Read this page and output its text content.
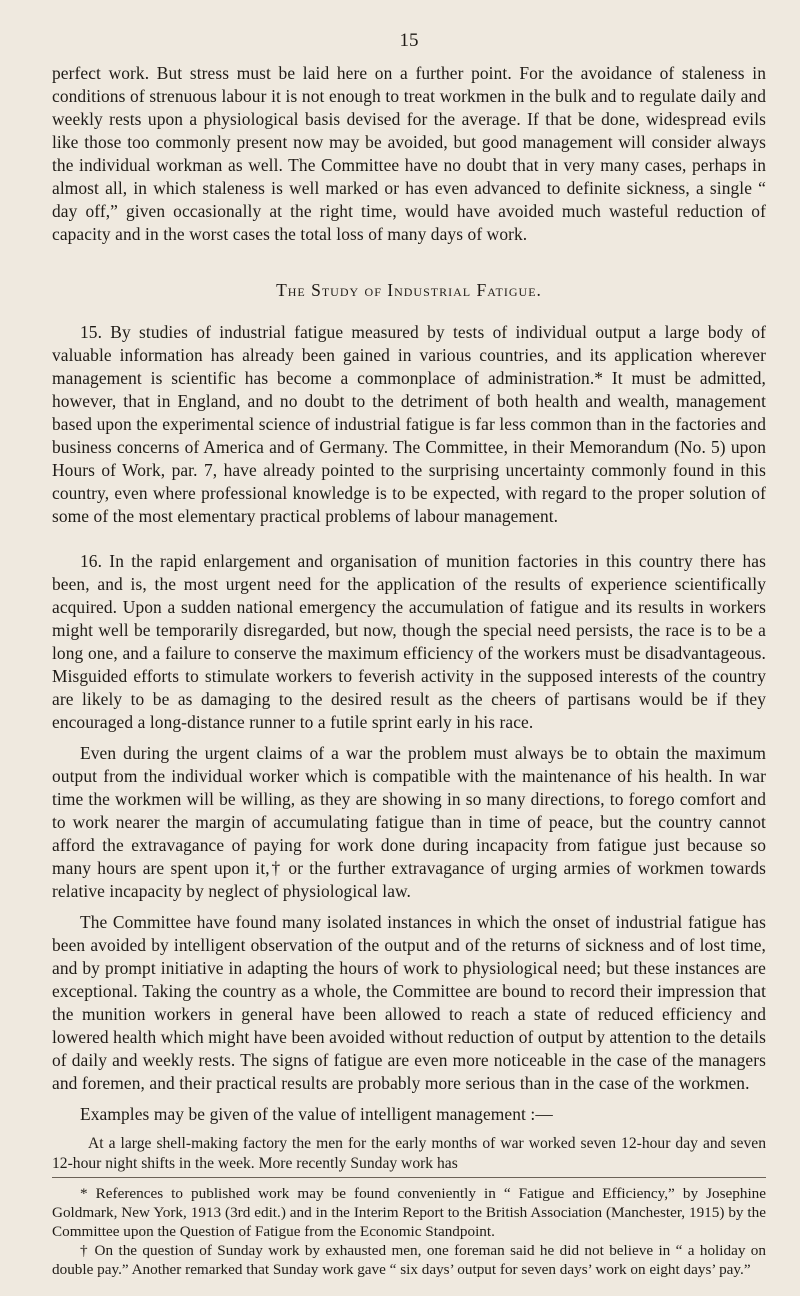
15

perfect work. But stress must be laid here on a further point. For the avoidance of staleness in conditions of strenuous labour it is not enough to treat workmen in the bulk and to regulate daily and weekly rests upon a physiological basis devised for the average. If that be done, widespread evils like those too commonly present now may be avoided, but good management will consider always the individual workman as well. The Committee have no doubt that in very many cases, perhaps in almost all, in which staleness is well marked or has even advanced to definite sickness, a single “ day off,” given occasionally at the right time, would have avoided much wasteful reduction of capacity and in the worst cases the total loss of many days of work.

The Study of Industrial Fatigue.

15. By studies of industrial fatigue measured by tests of individual output a large body of valuable information has already been gained in various countries, and its application wherever management is scientific has become a commonplace of administration.* It must be admitted, however, that in England, and no doubt to the detriment of both health and wealth, management based upon the experimental science of industrial fatigue is far less common than in the factories and business concerns of America and of Germany. The Committee, in their Memorandum (No. 5) upon Hours of Work, par. 7, have already pointed to the surprising uncertainty commonly found in this country, even where professional knowledge is to be expected, with regard to the proper solution of some of the most elementary practical problems of labour management.

16. In the rapid enlargement and organisation of munition factories in this country there has been, and is, the most urgent need for the application of the results of experience scientifically acquired. Upon a sudden national emergency the accumulation of fatigue and its results in workers might well be temporarily disregarded, but now, though the special need persists, the race is to be a long one, and a failure to conserve the maximum efficiency of the workers must be disadvantageous. Misguided efforts to stimulate workers to feverish activity in the supposed interests of the country are likely to be as damaging to the desired result as the cheers of partisans would be if they encouraged a long-distance runner to a futile sprint early in his race.

Even during the urgent claims of a war the problem must always be to obtain the maximum output from the individual worker which is compatible with the maintenance of his health. In war time the workmen will be willing, as they are showing in so many directions, to forego comfort and to work nearer the margin of accumulating fatigue than in time of peace, but the country cannot afford the extravagance of paying for work done during incapacity from fatigue just because so many hours are spent upon it,† or the further extravagance of urging armies of workmen towards relative incapacity by neglect of physiological law.

The Committee have found many isolated instances in which the onset of industrial fatigue has been avoided by intelligent observation of the output and of the returns of sickness and of lost time, and by prompt initiative in adapting the hours of work to physiological need; but these instances are exceptional. Taking the country as a whole, the Committee are bound to record their impression that the munition workers in general have been allowed to reach a state of reduced efficiency and lowered health which might have been avoided without reduction of output by attention to the details of daily and weekly rests. The signs of fatigue are even more noticeable in the case of the managers and foremen, and their practical results are probably more serious than in the case of the workmen.

Examples may be given of the value of intelligent management :—

At a large shell-making factory the men for the early months of war worked seven 12-hour day and seven 12-hour night shifts in the week. More recently Sunday work has

* References to published work may be found conveniently in “ Fatigue and Efficiency,” by Josephine Goldmark, New York, 1913 (3rd edit.) and in the Interim Report to the British Association (Manchester, 1915) by the Committee upon the Question of Fatigue from the Economic Standpoint.

† On the question of Sunday work by exhausted men, one foreman said he did not believe in “ a holiday on double pay.” Another remarked that Sunday work gave “ six days’ output for seven days’ work on eight days’ pay.”
